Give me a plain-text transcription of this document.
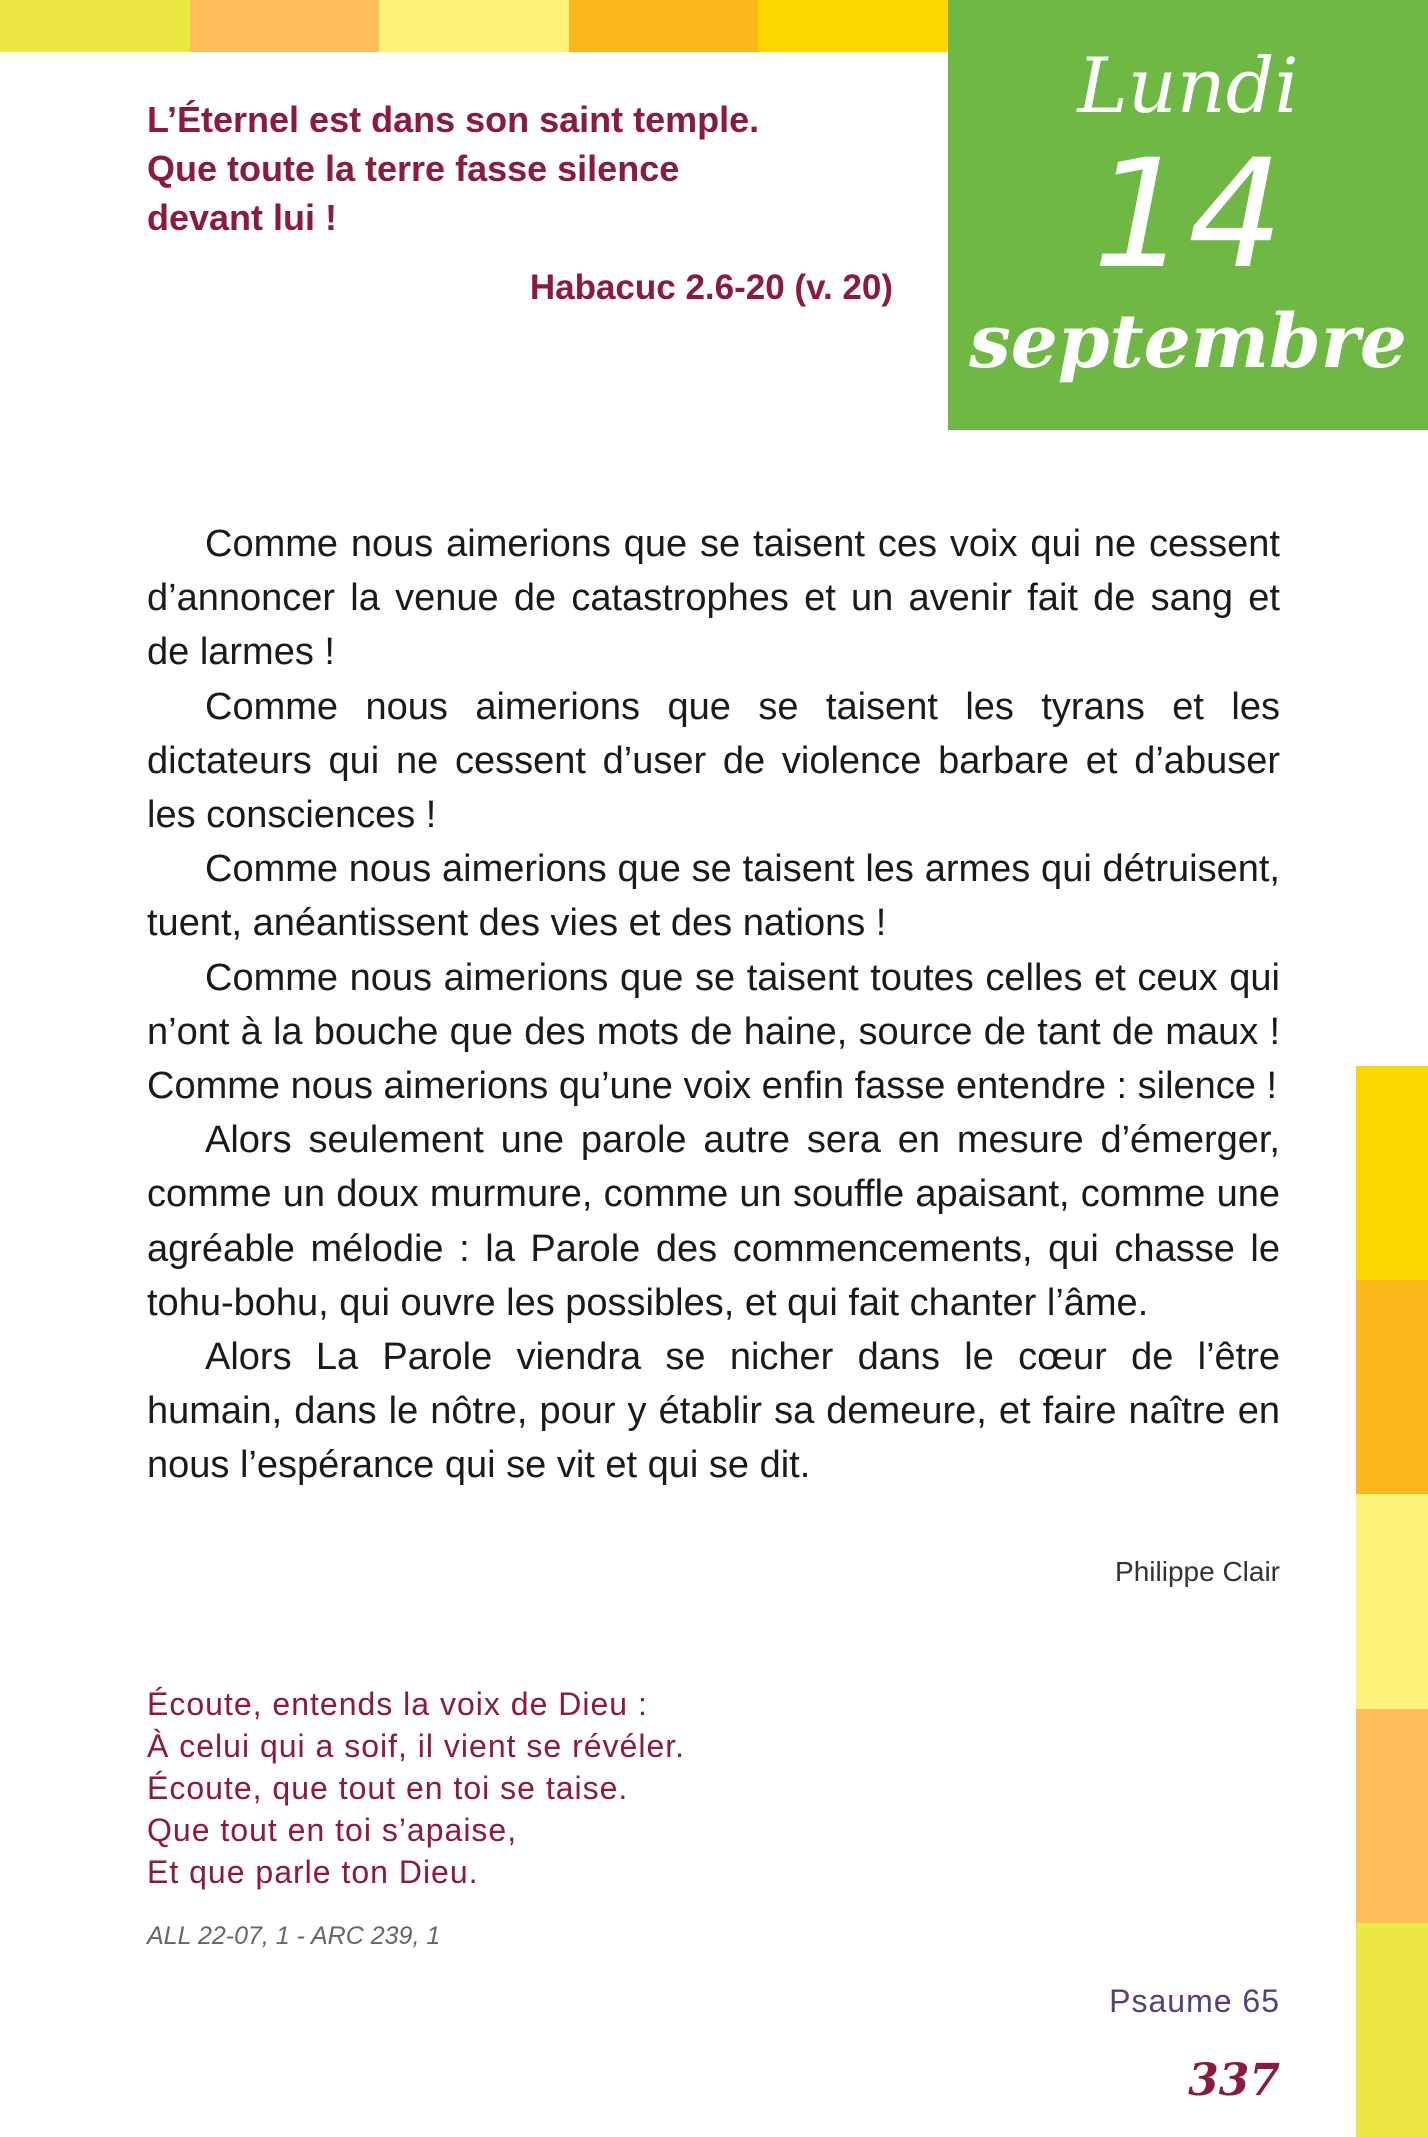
Lundi
14
septembre
L’Éternel est dans son saint temple.
Que toute la terre fasse silence
devant lui !
Habacuc 2.6-20 (v. 20)

Comme nous aimerions que se taisent ces voix qui ne cessent d’annoncer la venue de catastrophes et un avenir fait de sang et de larmes !

Comme nous aimerions que se taisent les tyrans et les dictateurs qui ne cessent d’user de violence barbare et d’abuser les consciences !

Comme nous aimerions que se taisent les armes qui détruisent, tuent, anéantissent des vies et des nations !

Comme nous aimerions que se taisent toutes celles et ceux qui n’ont à la bouche que des mots de haine, source de tant de maux ! Comme nous aimerions qu’une voix enfin fasse entendre : silence !

Alors seulement une parole autre sera en mesure d’émerger, comme un doux murmure, comme un souffle apaisant, comme une agréable mélodie : la Parole des commencements, qui chasse le tohu-bohu, qui ouvre les possibles, et qui fait chanter l’âme.

Alors La Parole viendra se nicher dans le cœur de l’être humain, dans le nôtre, pour y établir sa demeure, et faire naître en nous l’espérance qui se vit et qui se dit.

Philippe Clair
Écoute, entends la voix de Dieu :
À celui qui a soif, il vient se révéler.
Écoute, que tout en toi se taise.
Que tout en toi s’apaise,
Et que parle ton Dieu.
ALL 22-07, 1 - ARC 239, 1
Psaume 65
337
